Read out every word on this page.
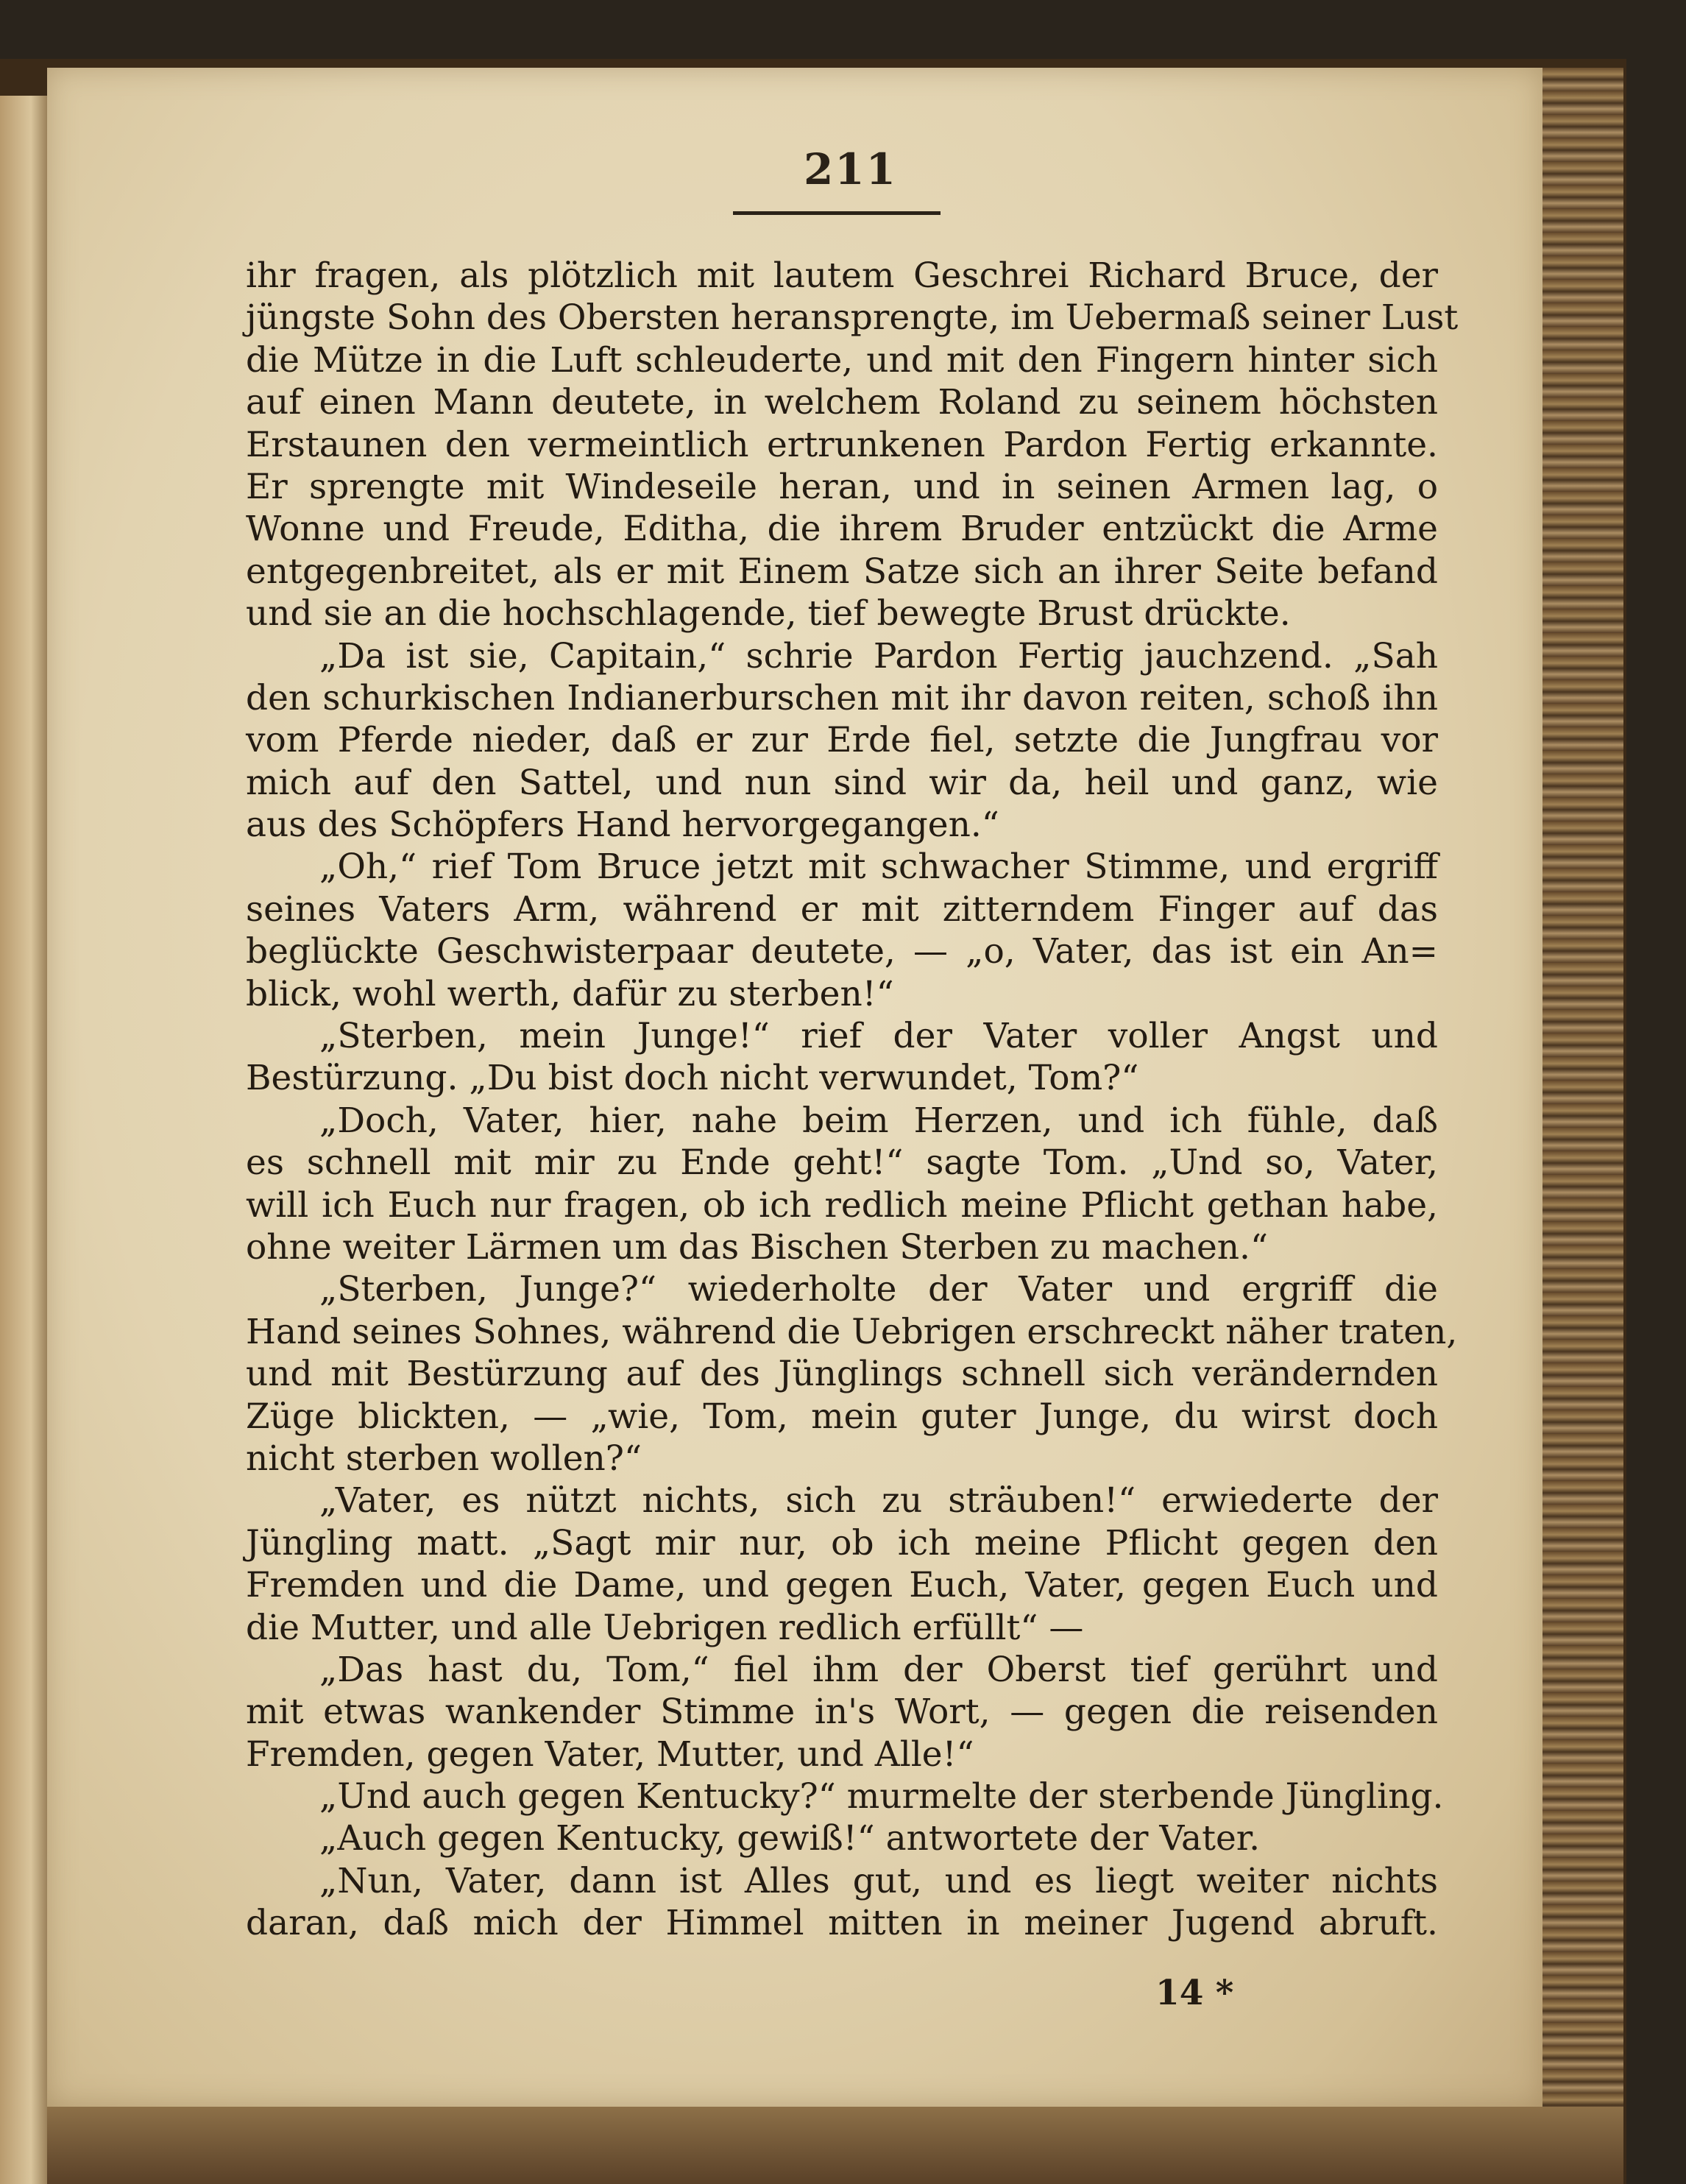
211
ihr fragen, als plötzlich mit lautem Geschrei Richard Bruce, der
jüngste Sohn des Obersten heransprengte, im Uebermaß seiner Lust
die Mütze in die Luft schleuderte, und mit den Fingern hinter sich
auf einen Mann deutete, in welchem Roland zu seinem höchsten
Erstaunen den vermeintlich ertrunkenen Pardon Fertig erkannte.
Er sprengte mit Windeseile heran, und in seinen Armen lag, o
Wonne und Freude, Editha, die ihrem Bruder entzückt die Arme
entgegenbreitet, als er mit Einem Satze sich an ihrer Seite befand
und sie an die hochschlagende, tief bewegte Brust drückte.
„Da ist sie, Capitain,“ schrie Pardon Fertig jauchzend. „Sah
den schurkischen Indianerburschen mit ihr davon reiten, schoß ihn
vom Pferde nieder, daß er zur Erde fiel, setzte die Jungfrau vor
mich auf den Sattel, und nun sind wir da, heil und ganz, wie
aus des Schöpfers Hand hervorgegangen.“
„Oh,“ rief Tom Bruce jetzt mit schwacher Stimme, und ergriff
seines Vaters Arm, während er mit zitterndem Finger auf das
beglückte Geschwisterpaar deutete, — „o, Vater, das ist ein An=
blick, wohl werth, dafür zu sterben!“
„Sterben, mein Junge!“ rief der Vater voller Angst und
Bestürzung. „Du bist doch nicht verwundet, Tom?“
„Doch, Vater, hier, nahe beim Herzen, und ich fühle, daß
es schnell mit mir zu Ende geht!“ sagte Tom. „Und so, Vater,
will ich Euch nur fragen, ob ich redlich meine Pflicht gethan habe,
ohne weiter Lärmen um das Bischen Sterben zu machen.“
„Sterben, Junge?“ wiederholte der Vater und ergriff die
Hand seines Sohnes, während die Uebrigen erschreckt näher traten,
und mit Bestürzung auf des Jünglings schnell sich verändernden
Züge blickten, — „wie, Tom, mein guter Junge, du wirst doch
nicht sterben wollen?“
„Vater, es nützt nichts, sich zu sträuben!“ erwiederte der
Jüngling matt. „Sagt mir nur, ob ich meine Pflicht gegen den
Fremden und die Dame, und gegen Euch, Vater, gegen Euch und
die Mutter, und alle Uebrigen redlich erfüllt“ —
„Das hast du, Tom,“ fiel ihm der Oberst tief gerührt und
mit etwas wankender Stimme in's Wort, — gegen die reisenden
Fremden, gegen Vater, Mutter, und Alle!“
„Und auch gegen Kentucky?“ murmelte der sterbende Jüngling.
„Auch gegen Kentucky, gewiß!“ antwortete der Vater.
„Nun, Vater, dann ist Alles gut, und es liegt weiter nichts
daran, daß mich der Himmel mitten in meiner Jugend abruft.
14 *
